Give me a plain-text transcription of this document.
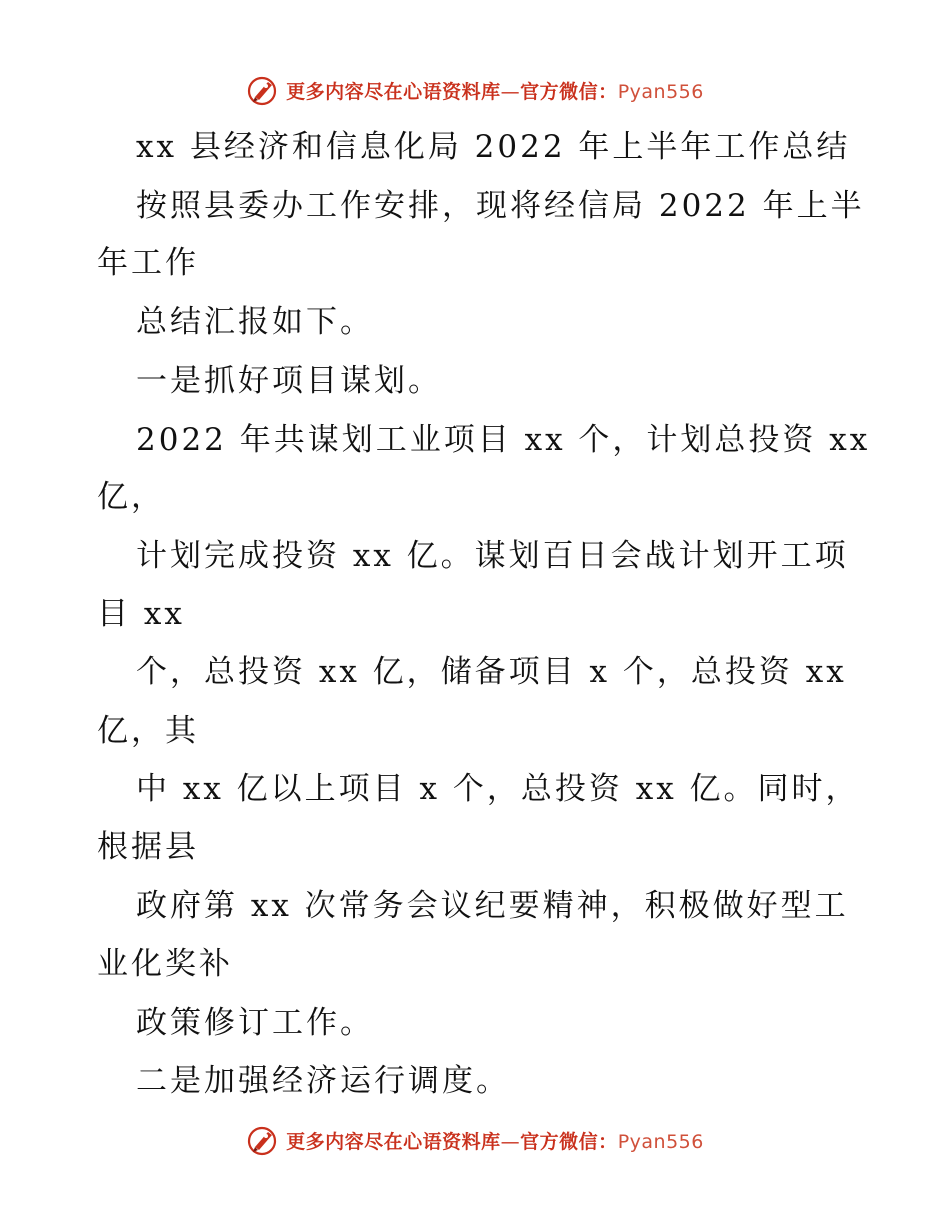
更多内容尽在心语资料库—官方微信：Pyan556
xx 县经济和信息化局 2022 年上半年工作总结
按照县委办工作安排，现将经信局 2022 年上半
年工作
总结汇报如下。
一是抓好项目谋划。
2022 年共谋划工业项目 xx 个，计划总投资 xx
亿，
计划完成投资 xx 亿。谋划百日会战计划开工项
目 xx
个，总投资 xx 亿，储备项目 x 个，总投资 xx
亿，其
中 xx 亿以上项目 x 个，总投资 xx 亿。同时，
根据县
政府第 xx 次常务会议纪要精神，积极做好型工
业化奖补
政策修订工作。
二是加强经济运行调度。
更多内容尽在心语资料库—官方微信：Pyan556
